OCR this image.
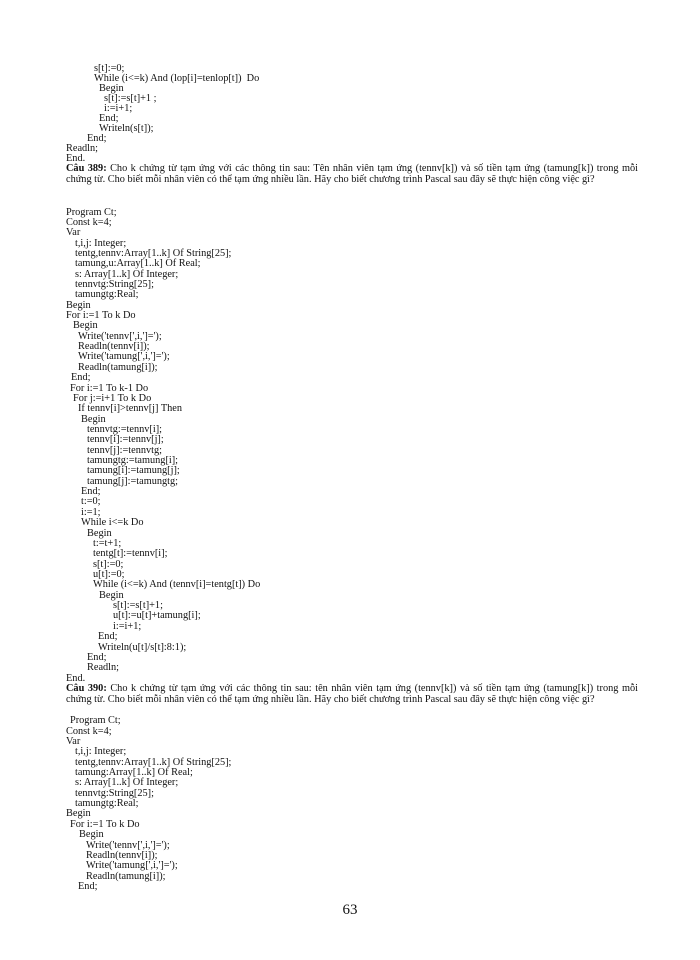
s[t]:=0;
While (i<=k) And (lop[i]=tenlop[t])  Do
Begin
s[t]:=s[t]+1 ;
i:=i+1;
End;
Writeln(s[t]);
End;
Readln;
End.
Câu 389: Cho k chứng từ tạm ứng với các thông tin sau: Tên nhân viên tạm ứng (tennv[k]) và số tiền tạm ứng (tamung[k]) trong mỗi chứng từ. Cho biết mỗi nhân viên có thể tạm ứng nhiều lần. Hãy cho biết chương trình Pascal sau đây sẽ thực hiện công việc gì?
Program Ct;
Const k=4;
Var
t,i,j: Integer;
tentg,tennv:Array[1..k] Of String[25];
tamung,u:Array[1..k] Of Real;
s: Array[1..k] Of Integer;
tennvtg:String[25];
tamungtg:Real;
Begin
For i:=1 To k Do
Begin
Write('tennv[',i,']=');
Readln(tennv[i]);
Write('tamung[',i,']=');
Readln(tamung[i]);
End;
For i:=1 To k-1 Do
For j:=i+1 To k Do
If tennv[i]>tennv[j] Then
Begin
tennvtg:=tennv[i];
tennv[i]:=tennv[j];
tennv[j]:=tennvtg;
tamungtg:=tamung[i];
tamung[i]:=tamung[j];
tamung[j]:=tamungtg;
End;
t:=0;
i:=1;
While i<=k Do
Begin
t:=t+1;
tentg[t]:=tennv[i];
s[t]:=0;
u[t]:=0;
While (i<=k) And (tennv[i]=tentg[t]) Do
Begin
s[t]:=s[t]+1;
u[t]:=u[t]+tamung[i];
i:=i+1;
End;
Writeln(u[t]/s[t]:8:1);
End;
Readln;
End.
Câu 390: Cho k chứng từ tạm ứng với các thông tin sau: tên nhân viên tạm ứng (tennv[k]) và số tiền tạm ứng (tamung[k]) trong mỗi chứng từ. Cho biết mỗi nhân viên có thể tạm ứng nhiều lần. Hãy cho biết chương trình Pascal sau đây sẽ thực hiện công việc gì?
Program Ct;
Const k=4;
Var
t,i,j: Integer;
tentg,tennv:Array[1..k] Of String[25];
tamung:Array[1..k] Of Real;
s: Array[1..k] Of Integer;
tennvtg:String[25];
tamungtg:Real;
Begin
For i:=1 To k Do
Begin
Write('tennv[',i,']=');
Readln(tennv[i]);
Write('tamung[',i,']=');
Readln(tamung[i]);
End;
63
